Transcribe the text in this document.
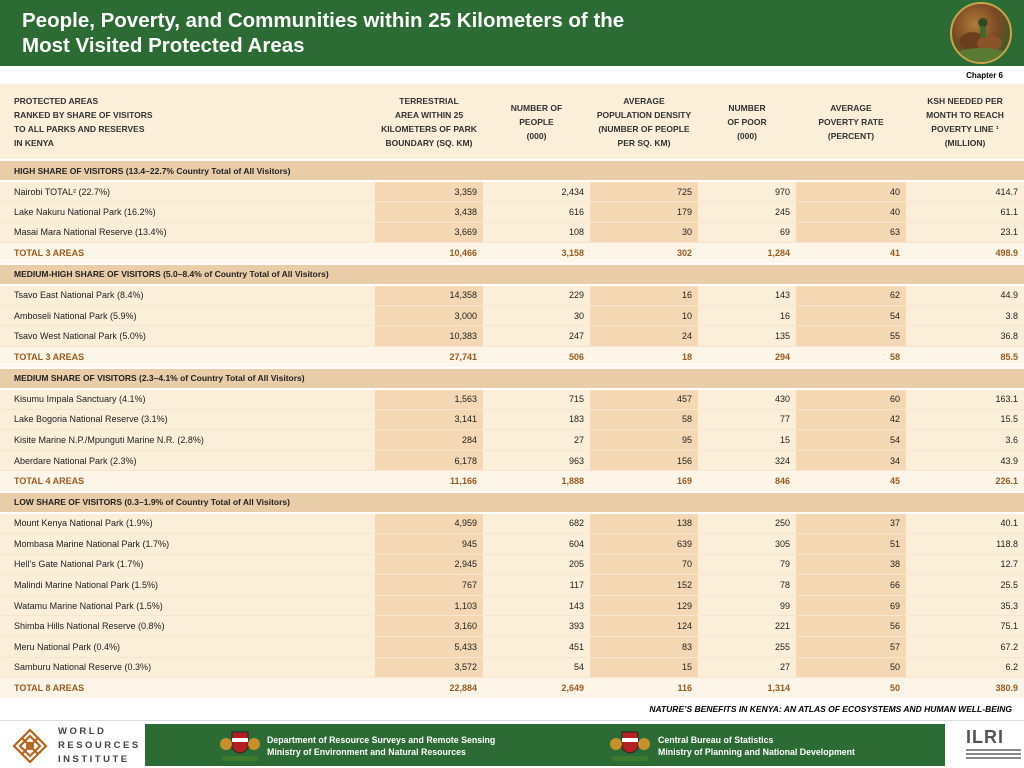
People, Poverty, and Communities within 25 Kilometers of the
Most Visited Protected Areas
Chapter 6
PROTECTED AREAS
RANKED BY SHARE OF VISITORS
TO ALL PARKS AND RESERVES
IN KENYA	TERRESTRIAL
AREA WITHIN 25
KILOMETERS OF PARK
BOUNDARY (SQ. KM)	NUMBER OF
PEOPLE
(000)	AVERAGE
POPULATION DENSITY
(NUMBER OF PEOPLE
PER SQ. KM)	NUMBER
OF POOR
(000)	AVERAGE
POVERTY RATE
(PERCENT)	KSH NEEDED PER
MONTH TO REACH
POVERTY LINE ¹
(MILLION)

HIGH SHARE OF VISITORS (13.4–22.7% Country Total of All Visitors)						
Nairobi TOTAL² (22.7%)	3,359	2,434	725	970	40	414.7
Lake Nakuru National Park (16.2%)	3,438	616	179	245	40	61.1
Masai Mara National Reserve (13.4%)	3,669	108	30	69	63	23.1
TOTAL 3 AREAS	10,466	3,158	302	1,284	41	498.9
MEDIUM-HIGH SHARE OF VISITORS (5.0–8.4% of Country Total of All Visitors)						
Tsavo East National Park (8.4%)	14,358	229	16	143	62	44.9
Amboseli National Park (5.9%)	3,000	30	10	16	54	3.8
Tsavo West National Park (5.0%)	10,383	247	24	135	55	36.8
TOTAL 3 AREAS	27,741	506	18	294	58	85.5
MEDIUM SHARE OF VISITORS (2.3–4.1% of Country Total of All Visitors)						
Kisumu Impala Sanctuary (4.1%)	1,563	715	457	430	60	163.1
Lake Bogoria National Reserve (3.1%)	3,141	183	58	77	42	15.5
Kisite Marine N.P./Mpunguti Marine N.R. (2.8%)	284	27	95	15	54	3.6
Aberdare National Park (2.3%)	6,178	963	156	324	34	43.9
TOTAL 4 AREAS	11,166	1,888	169	846	45	226.1
LOW SHARE OF VISITORS (0.3–1.9% of Country Total of All Visitors)						
Mount Kenya National Park (1.9%)	4,959	682	138	250	37	40.1
Mombasa Marine National Park (1.7%)	945	604	639	305	51	118.8
Hell’s Gate National Park (1.7%)	2,945	205	70	79	38	12.7
Malindi Marine National Park (1.5%)	767	117	152	78	66	25.5
Watamu Marine National Park (1.5%)	1,103	143	129	99	69	35.3
Shimba Hills National Reserve (0.8%)	3,160	393	124	221	56	75.1
Meru National Park (0.4%)	5,433	451	83	255	57	67.2
Samburu National Reserve (0.3%)	3,572	54	15	27	50	6.2
TOTAL 8 AREAS	22,884	2,649	116	1,314	50	380.9
NATURE’S BENEFITS IN KENYA: AN ATLAS OF ECOSYSTEMS AND HUMAN WELL-BEING
WORLD
RESOURCES
INSTITUTE
Department of Resource Surveys and Remote Sensing
Ministry of Environment and Natural Resources
Central Bureau of Statistics
Ministry of Planning and National Development
ILRI
